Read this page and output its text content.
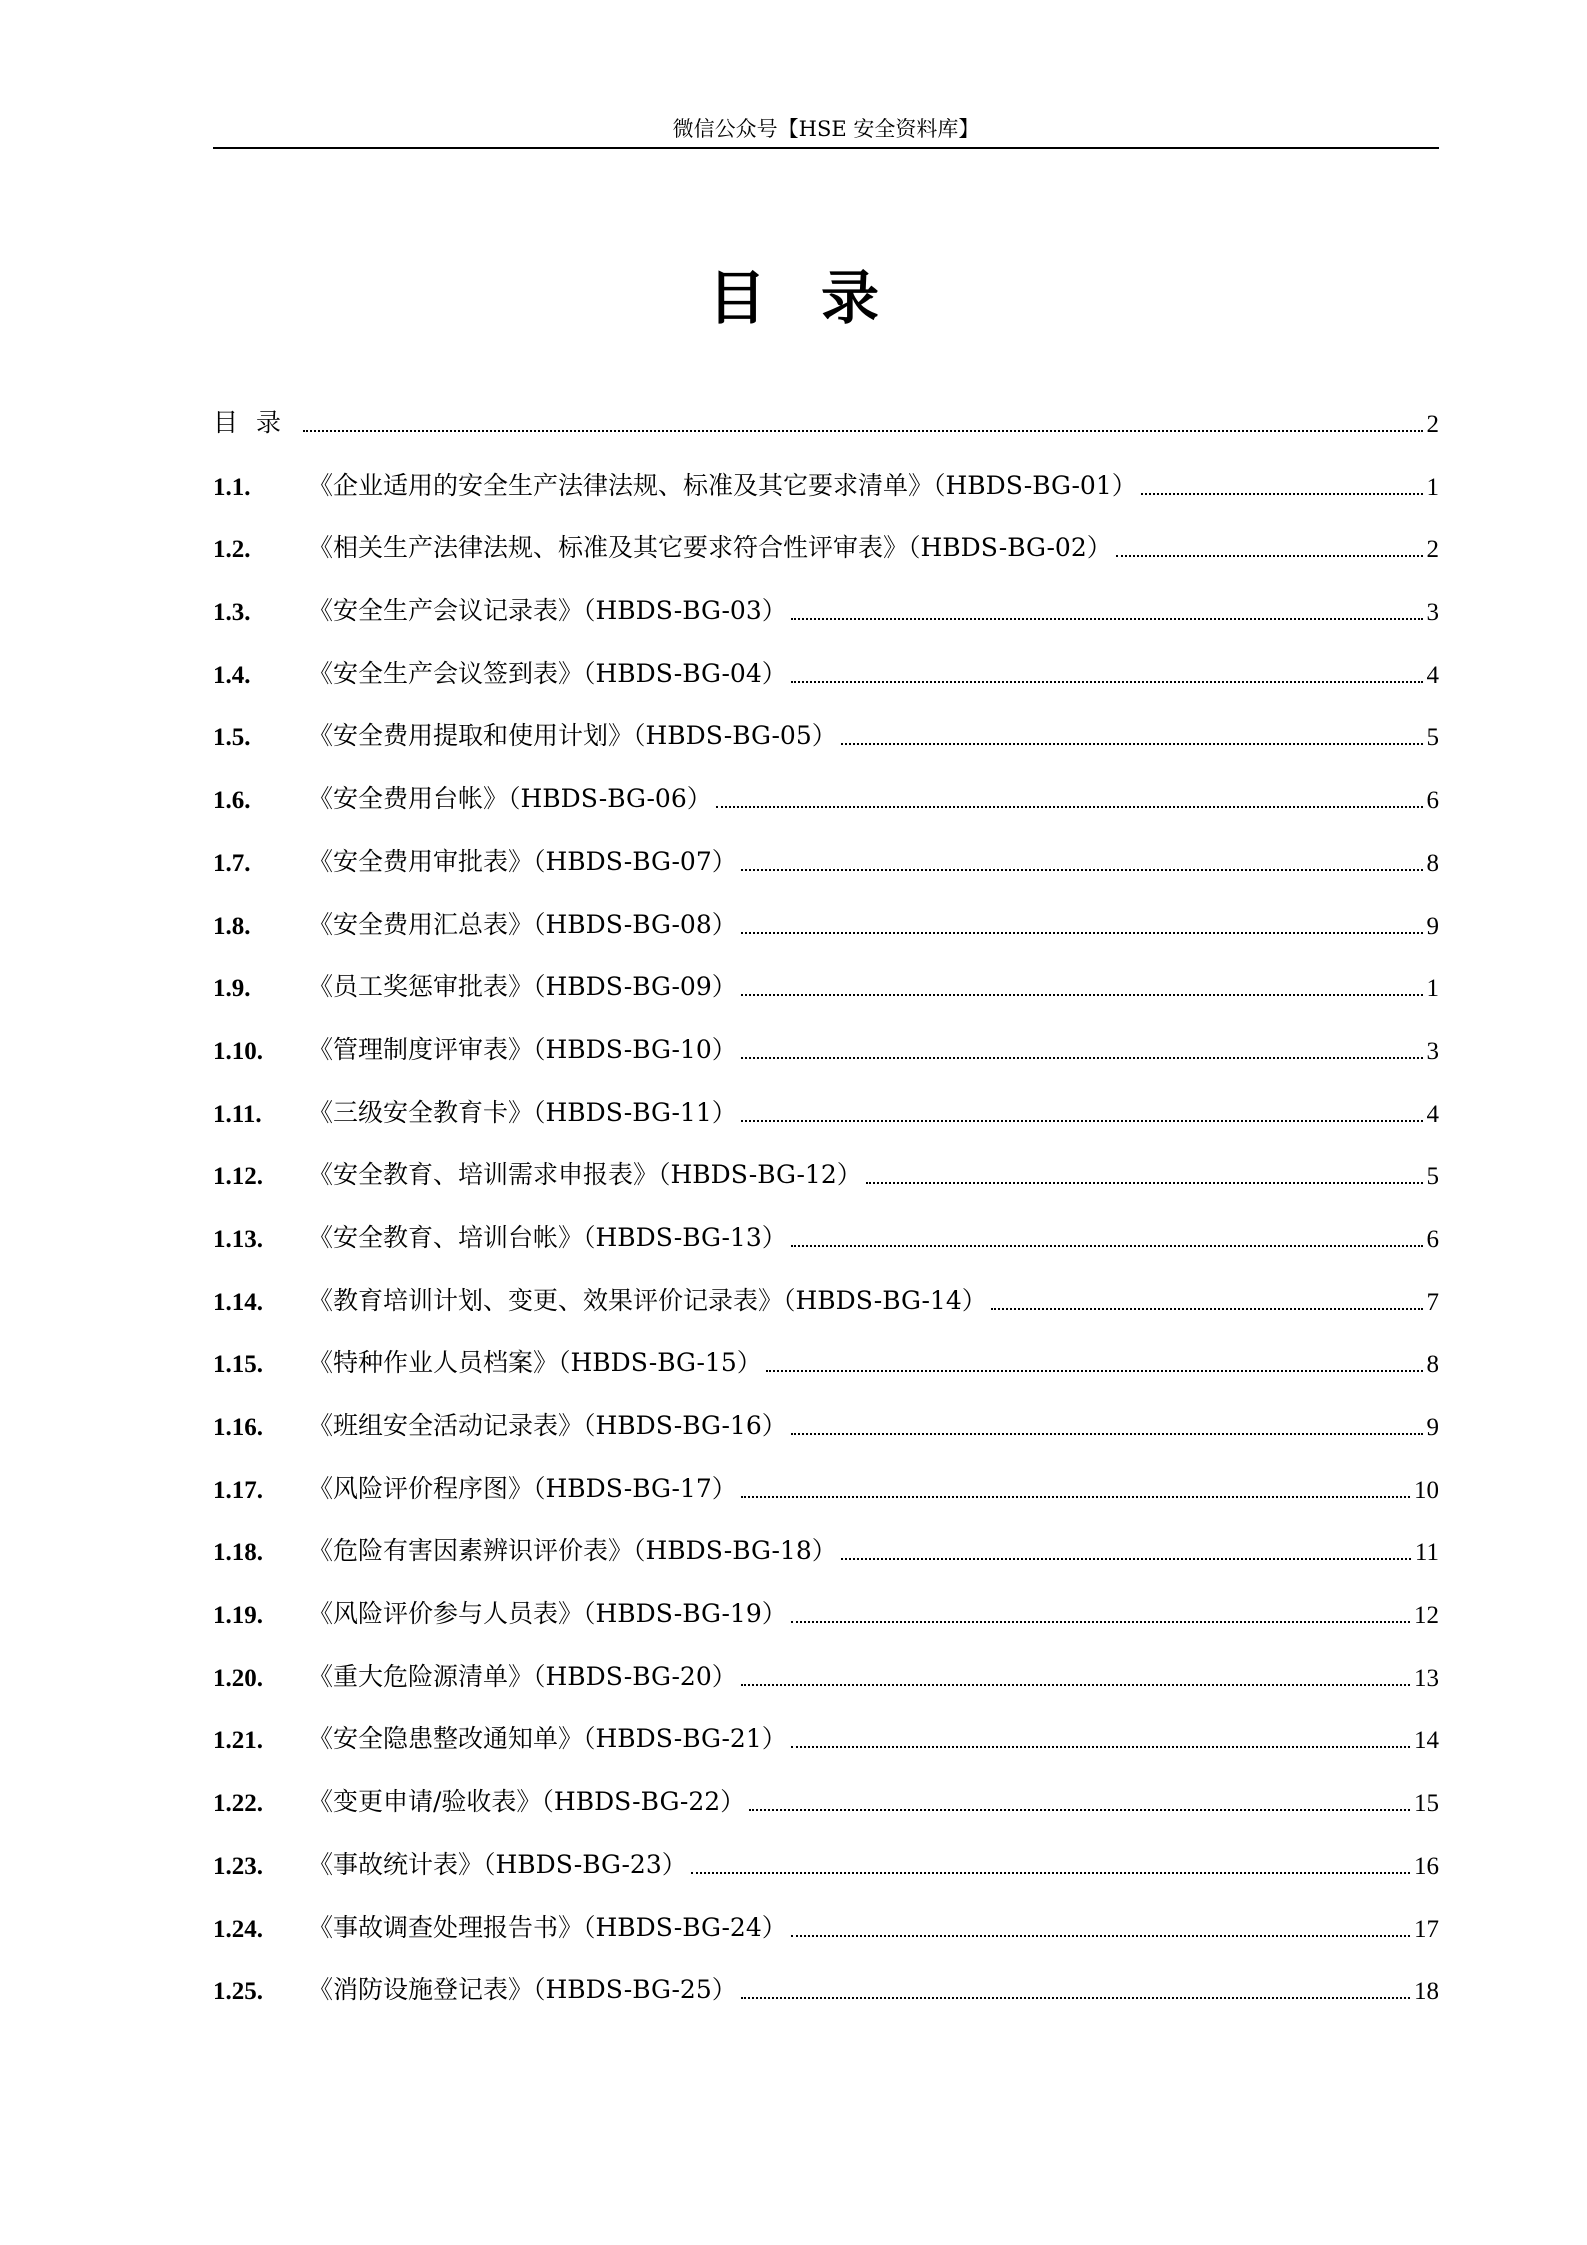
微信公众号【HSE 安全资料库】
目录
目录	2
1.1.	《企业适用的安全生产法律法规、标准及其它要求清单》（HBDS-BG-01）	1
1.2.	《相关生产法律法规、标准及其它要求符合性评审表》（HBDS-BG-02）	2
1.3.	《安全生产会议记录表》（HBDS-BG-03）	3
1.4.	《安全生产会议签到表》（HBDS-BG-04）	4
1.5.	《安全费用提取和使用计划》（HBDS-BG-05）	5
1.6.	《安全费用台帐》（HBDS-BG-06）	6
1.7.	《安全费用审批表》（HBDS-BG-07）	8
1.8.	《安全费用汇总表》（HBDS-BG-08）	9
1.9.	《员工奖惩审批表》（HBDS-BG-09）	1
1.10.	《管理制度评审表》（HBDS-BG-10）	3
1.11.	《三级安全教育卡》（HBDS-BG-11）	4
1.12.	《安全教育、培训需求申报表》（HBDS-BG-12）	5
1.13.	《安全教育、培训台帐》（HBDS-BG-13）	6
1.14.	《教育培训计划、变更、效果评价记录表》（HBDS-BG-14）	7
1.15.	《特种作业人员档案》（HBDS-BG-15）	8
1.16.	《班组安全活动记录表》（HBDS-BG-16）	9
1.17.	《风险评价程序图》（HBDS-BG-17）	10
1.18.	《危险有害因素辨识评价表》（HBDS-BG-18）	11
1.19.	《风险评价参与人员表》（HBDS-BG-19）	12
1.20.	《重大危险源清单》（HBDS-BG-20）	13
1.21.	《安全隐患整改通知单》（HBDS-BG-21）	14
1.22.	《变更申请/验收表》（HBDS-BG-22）	15
1.23.	《事故统计表》（HBDS-BG-23）	16
1.24.	《事故调查处理报告书》（HBDS-BG-24）	17
1.25.	《消防设施登记表》（HBDS-BG-25）	18
